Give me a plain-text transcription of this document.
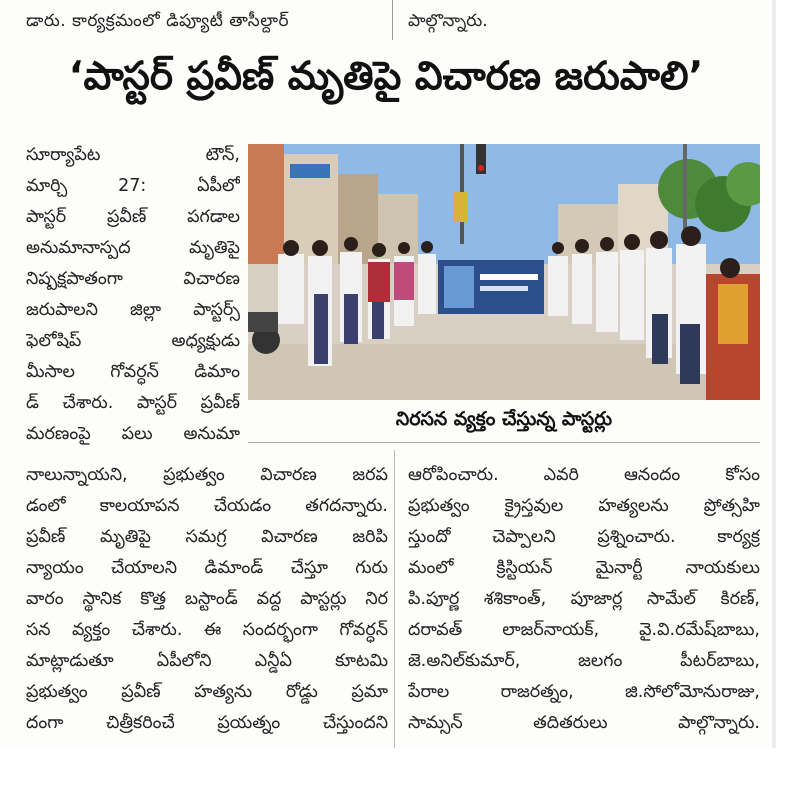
డారు. కార్యక్రమంలో డిప్యూటీ తాసీల్దార్	పాల్గొన్నారు.
‘పాస్టర్ ప్రవీణ్ మృతిపై విచారణ జరుపాలి’
సూర్యాపేట టౌన్,
మార్చి 27: ఏపీలో
పాస్టర్ ప్రవీణ్ పగడాల
అనుమానాస్పద మృతిపై
నిష్పక్షపాతంగా విచారణ
జరుపాలని జిల్లా పాస్టర్స్
ఫెలోషిప్ అధ్యక్షుడు
మీసాల గోవర్ధన్ డిమాం
డ్ చేశారు. పాస్టర్ ప్రవీణ్
మరణంపై పలు అనుమా
నిరసన వ్యక్తం చేస్తున్న పాస్టర్లు
నాలున్నాయని, ప్రభుత్వం విచారణ జరప
డంలో కాలయాపన చేయడం తగదన్నారు.
ప్రవీణ్ మృతిపై సమగ్ర విచారణ జరిపి
న్యాయం చేయాలని డిమాండ్ చేస్తూ గురు
వారం స్థానిక కొత్త బస్టాండ్ వద్ద పాస్టర్లు నిర
సన వ్యక్తం చేశారు. ఈ సందర్భంగా గోవర్ధన్
మాట్లాడుతూ ఏపీలోని ఎన్డీఏ కూటమి
ప్రభుత్వం ప్రవీణ్ హత్యను రోడ్డు ప్రమా
దంగా చిత్రీకరించే ప్రయత్నం చేస్తుందని
ఆరోపించారు. ఎవరి ఆనందం కోసం
ప్రభుత్వం క్రైస్తవుల హత్యలను ప్రోత్సహి
స్తుందో చెప్పాలని ప్రశ్నించారు. కార్యక్ర
మంలో క్రిస్టియన్ మైనార్టీ నాయకులు
పి.పూర్ణ శశికాంత్, పూజార్ల సామేల్ కిరణ్,
దరావత్ లాజర్‌నాయక్, వై.వి.రమేష్‌బాబు,
జె.అనిల్‌కుమార్, జలగం పీటర్‌బాబు,
పేరాల రాజరత్నం, జి.సోలోమోనురాజు,
సామ్సన్ తదితరులు పాల్గొన్నారు.
